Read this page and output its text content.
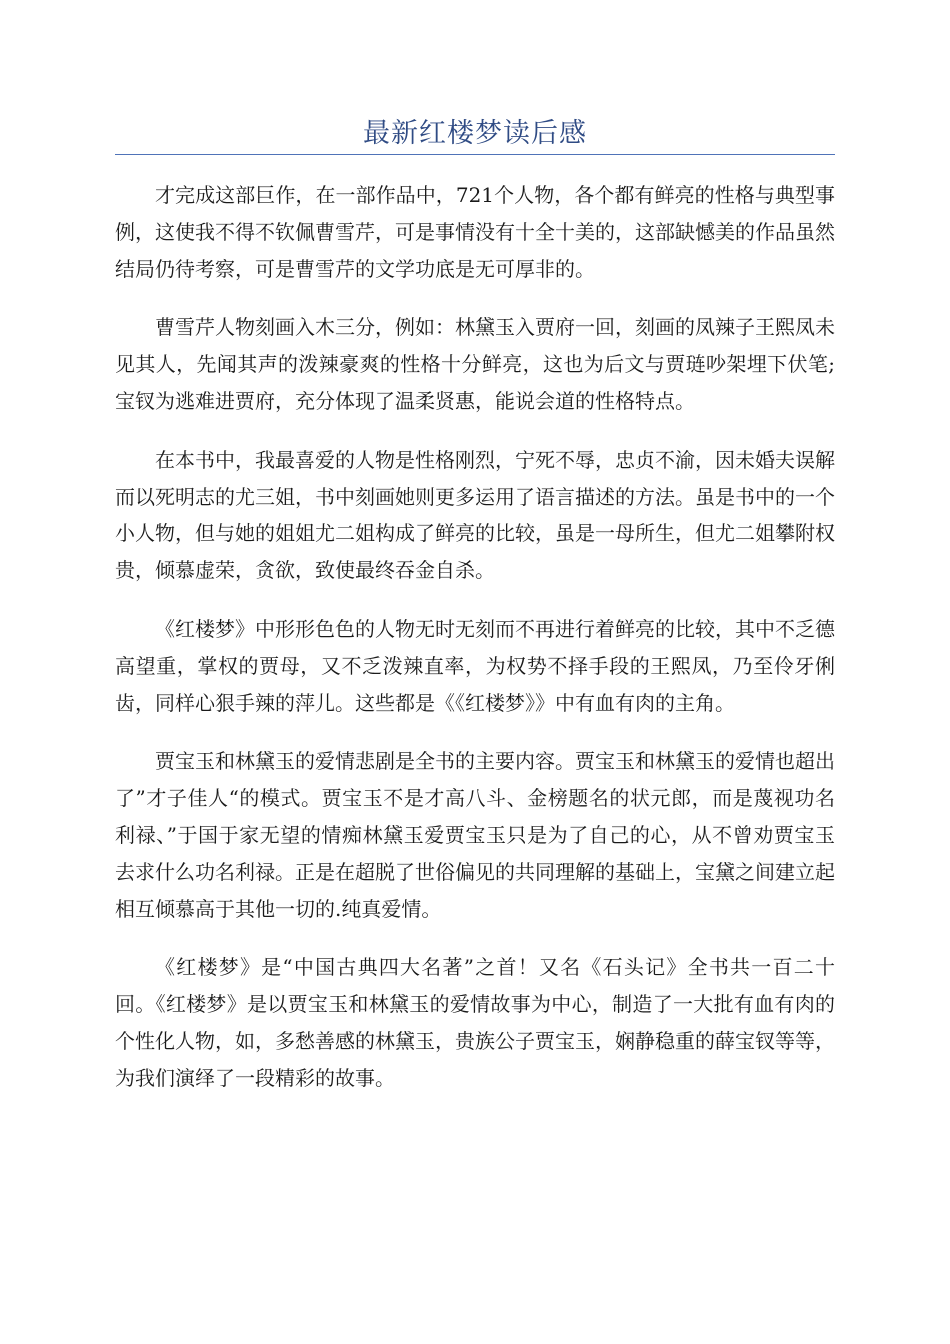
最新红楼梦读后感

才完成这部巨作，在一部作品中，721个人物，各个都有鲜亮的性格与典型事例，这使我不得不钦佩曹雪芹，可是事情没有十全十美的，这部缺憾美的作品虽然结局仍待考察，可是曹雪芹的文学功底是无可厚非的。

曹雪芹人物刻画入木三分，例如：林黛玉入贾府一回，刻画的凤辣子王熙凤未见其人，先闻其声的泼辣豪爽的性格十分鲜亮，这也为后文与贾琏吵架埋下伏笔;宝钗为逃难进贾府，充分体现了温柔贤惠，能说会道的性格特点。

在本书中，我最喜爱的人物是性格刚烈，宁死不辱，忠贞不渝，因未婚夫误解而以死明志的尤三姐，书中刻画她则更多运用了语言描述的方法。虽是书中的一个小人物，但与她的姐姐尤二姐构成了鲜亮的比较，虽是一母所生，但尤二姐攀附权贵，倾慕虚荣，贪欲，致使最终吞金自杀。

《红楼梦》中形形色色的人物无时无刻而不再进行着鲜亮的比较，其中不乏德高望重，掌权的贾母，又不乏泼辣直率，为权势不择手段的王熙凤，乃至伶牙俐齿，同样心狠手辣的萍儿。这些都是《《红楼梦》》中有血有肉的主角。

贾宝玉和林黛玉的爱情悲剧是全书的主要内容。贾宝玉和林黛玉的爱情也超出了”才子佳人“的模式。贾宝玉不是才高八斗、金榜题名的状元郎，而是蔑视功名利禄、”于国于家无望的情痴林黛玉爱贾宝玉只是为了自己的心，从不曾劝贾宝玉去求什么功名利禄。正是在超脱了世俗偏见的共同理解的基础上，宝黛之间建立起相互倾慕高于其他一切的.纯真爱情。

《红楼梦》是“中国古典四大名著”之首！又名《石头记》全书共一百二十回。《红楼梦》是以贾宝玉和林黛玉的爱情故事为中心，制造了一大批有血有肉的个性化人物，如，多愁善感的林黛玉，贵族公子贾宝玉，娴静稳重的薛宝钗等等，为我们演绎了一段精彩的故事。
